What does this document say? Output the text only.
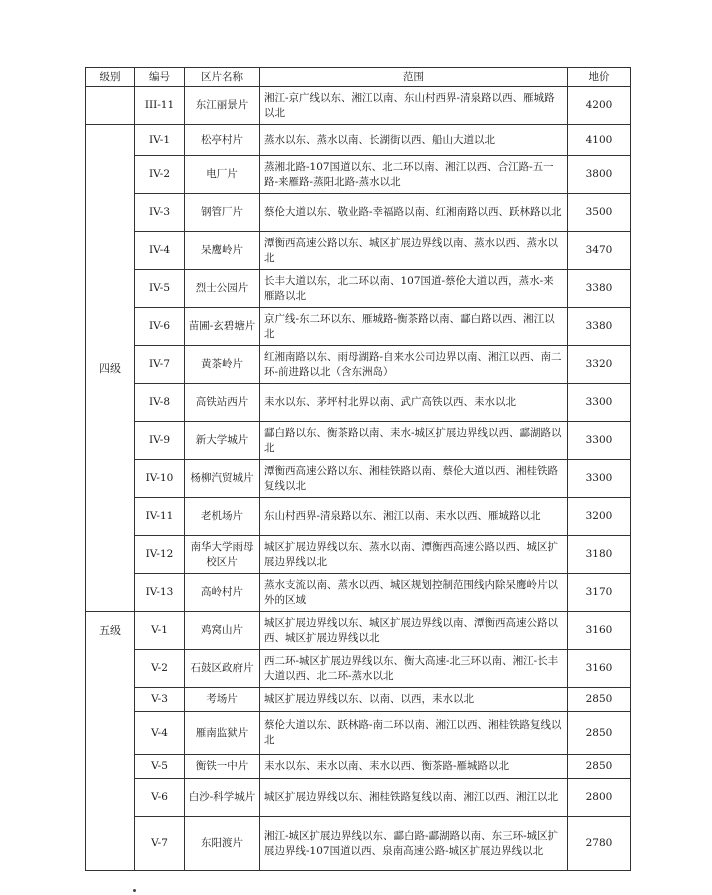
级别	编号	区片名称	范围	地价
	III-11	东江丽景片	湘江-京广线以东、湘江以南、东山村西界-清泉路以西、雁城路以北	4200
四级	IV-1	松亭村片	蒸水以东、蒸水以南、长湖街以西、船山大道以北	4100
	IV-2	电厂片	蒸湘北路-107国道以东、北二环以南、湘江以西、合江路-五一路-来雁路-蒸阳北路-蒸水以北	3800
	IV-3	钢管厂片	蔡伦大道以东、敬业路-幸福路以南、红湘南路以西、跃林路以北	3500
	IV-4	呆鹰岭片	潭衡西高速公路以东、城区扩展边界线以南、蒸水以西、蒸水以北	3470
	IV-5	烈士公园片	长丰大道以东，北二环以南、107国道-蔡伦大道以西，蒸水-来雁路以北	3380
	IV-6	苗圃-玄碧塘片	京广线-东二环以东、雁城路-衡茶路以南、酃白路以西、湘江以北	3380
	IV-7	黄茶岭片	红湘南路以东、雨母湖路-自来水公司边界以南、湘江以西、南二环-前进路以北（含东洲岛）	3320
	IV-8	高铁站西片	耒水以东、茅坪村北界以南、武广高铁以西、耒水以北	3300
	IV-9	新大学城片	酃白路以东、衡茶路以南、耒水-城区扩展边界线以西、酃湖路以北	3300
	IV-10	杨柳汽贸城片	潭衡西高速公路以东、湘桂铁路以南、蔡伦大道以西、湘桂铁路复线以北	3300
	IV-11	老机场片	东山村西界-清泉路以东、湘江以南、耒水以西、雁城路以北	3200
	IV-12	南华大学雨母校区片	城区扩展边界线以东、蒸水以南、潭衡西高速公路以西、城区扩展边界线以北	3180
	IV-13	高岭村片	蒸水支流以南、蒸水以西、城区规划控制范围线内除呆鹰岭片以外的区域	3170
五级	V-1	鸡窝山片	城区扩展边界线以东、城区扩展边界线以南、潭衡西高速公路以西、城区扩展边界线以北	3160
	V-2	石鼓区政府片	西二环-城区扩展边界线以东、衡大高速-北三环以南、湘江-长丰大道以西、北二环-蒸水以北	3160
	V-3	考场片	城区扩展边界线以东、以南、以西，耒水以北	2850
	V-4	雁南监狱片	蔡伦大道以东、跃林路-南二环以南、湘江以西、湘桂铁路复线以北	2850
	V-5	衡铁一中片	耒水以东、耒水以南、耒水以西、衡茶路-雁城路以北	2850
	V-6	白沙-科学城片	城区扩展边界线以东、湘桂铁路复线以南、湘江以西、湘江以北	2800
	V-7	东阳渡片	湘江-城区扩展边界线以东、酃白路-酃湖路以南、东三环-城区扩展边界线-107国道以西、泉南高速公路-城区扩展边界线以北	2780
